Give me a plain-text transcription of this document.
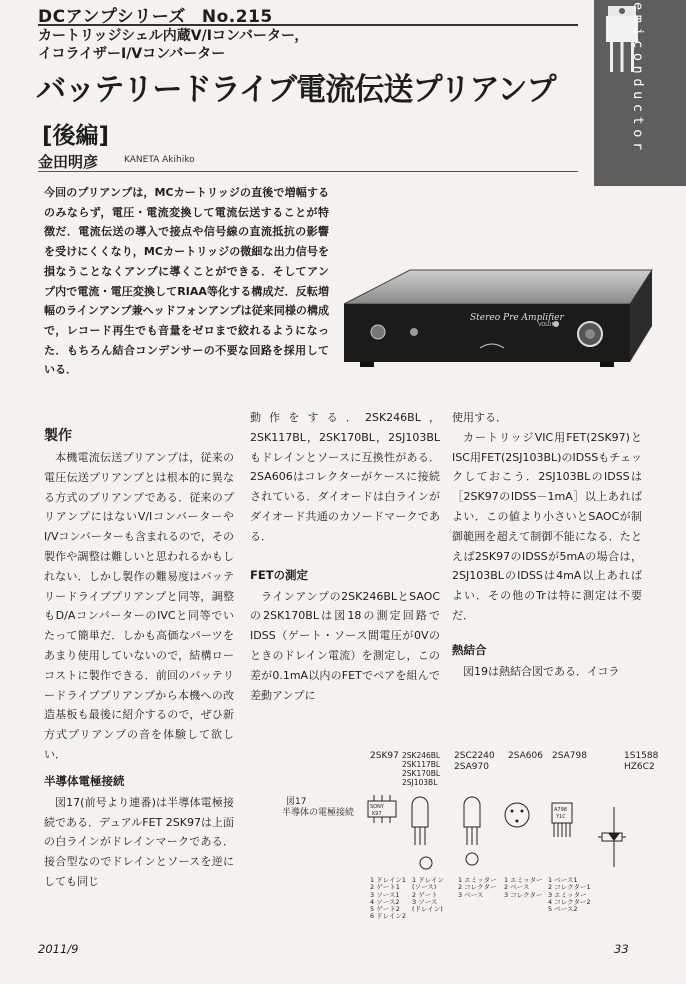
DCアンプシリーズ No.215
カートリッジシェル内蔵V/Iコンバーター，
イコライザーI/Vコンバーター
バッテリードライブ電流伝送プリアンプ
[後編]
金田明彦	KANETA Akihiko
emiconductor
今回のプリアンプは，MCカートリッジの直後で増幅するのみならず，電圧・電流変換して電流伝送することが特徴だ．電流伝送の導入で接点や信号線の直流抵抗の影響を受けにくくなり，MCカートリッジの微細な出力信号を損なうことなくアンプに導くことができる．そしてアンプ内で電流・電圧変換してRIAA等化する構成だ．反転増幅のラインアンプ兼ヘッドフォンアンプは従来同様の構成で，レコード再生でも音量をゼロまで絞れるようになった．もちろん結合コンデンサーの不要な回路を採用している．
Stereo Pre Amplifier
VOLUME
製作

本機電流伝送プリアンプは，従来の電圧伝送プリアンプとは根本的に異なる方式のプリアンプである．従来のプリアンプにはないV/IコンバーターやI/Vコンバーターも含まれるので，その製作や調整は難しいと思われるかもしれない．しかし製作の難易度はバッテリードライブプリアンプと同等，調整もD/AコンバーターのIVCと同等でいたって簡単だ．しかも高価なパーツをあまり使用していないので，結構ローコストに製作できる．前回のバッテリードライブプリアンプから本機への改造基板も最後に紹介するので，ぜひ新方式プリアンプの音を体験して欲しい．

半導体電極接続

図17(前号より連番)は半導体電極接続である．デュアルFET 2SK97は上面の白ラインがドレインマークである．接合型なのでドレインとソースを逆にしても同じ

動作をする．2SK246BL，2SK117BL，2SK170BL，2SJ103BLもドレインとソースに互換性がある．2SA606はコレクターがケースに接続されている．ダイオードは白ラインがダイオード共通のカソードマークである．

FETの測定

ラインアンプの2SK246BLとSAOCの2SK170BLは図18の測定回路でIDSS（ゲート・ソース間電圧が0Vのときのドレイン電流）を測定し，この差が0.1mA以内のFETでペアを組んで差動アンプに

使用する．

カートリッジVIC用FET(2SK97)とISC用FET(2SJ103BL)のIDSSもチェックしておこう．2SJ103BLのIDSSは［2SK97のIDSS－1mA］以上あればよい．この値より小さいとSAOCが制御範囲を超えて制御不能になる．たとえば2SK97のIDSSが5mAの場合は，2SJ103BLのIDSSは4mA以上あればよい．その他のTrは特に測定は不要だ．

熱結合

図19は熱結合図である．イコラ

図17
半導体の電極接続
2SK97 2SK246BL
2SK117BL
2SK170BL
2SJ103BL
2SC2240
2SA970
2SA606 2SA798	1S1588
HZ6C2
SONY
K97
A798
Y1C
1 ドレイン1
2 ゲート1
3 ソース1
4 ソース2
5 ゲート2
6 ドレイン2
1 ドレイン
(ソース)
2 ゲート
3 ソース
(ドレイン)
1 エミッター
2 コレクター
3 ベース
1 エミッター
2 ベース
3 コレクター
1 ベース1
2 コレクター1
3 エミッター
4 コレクター2
5 ベース2
2011/9	33
